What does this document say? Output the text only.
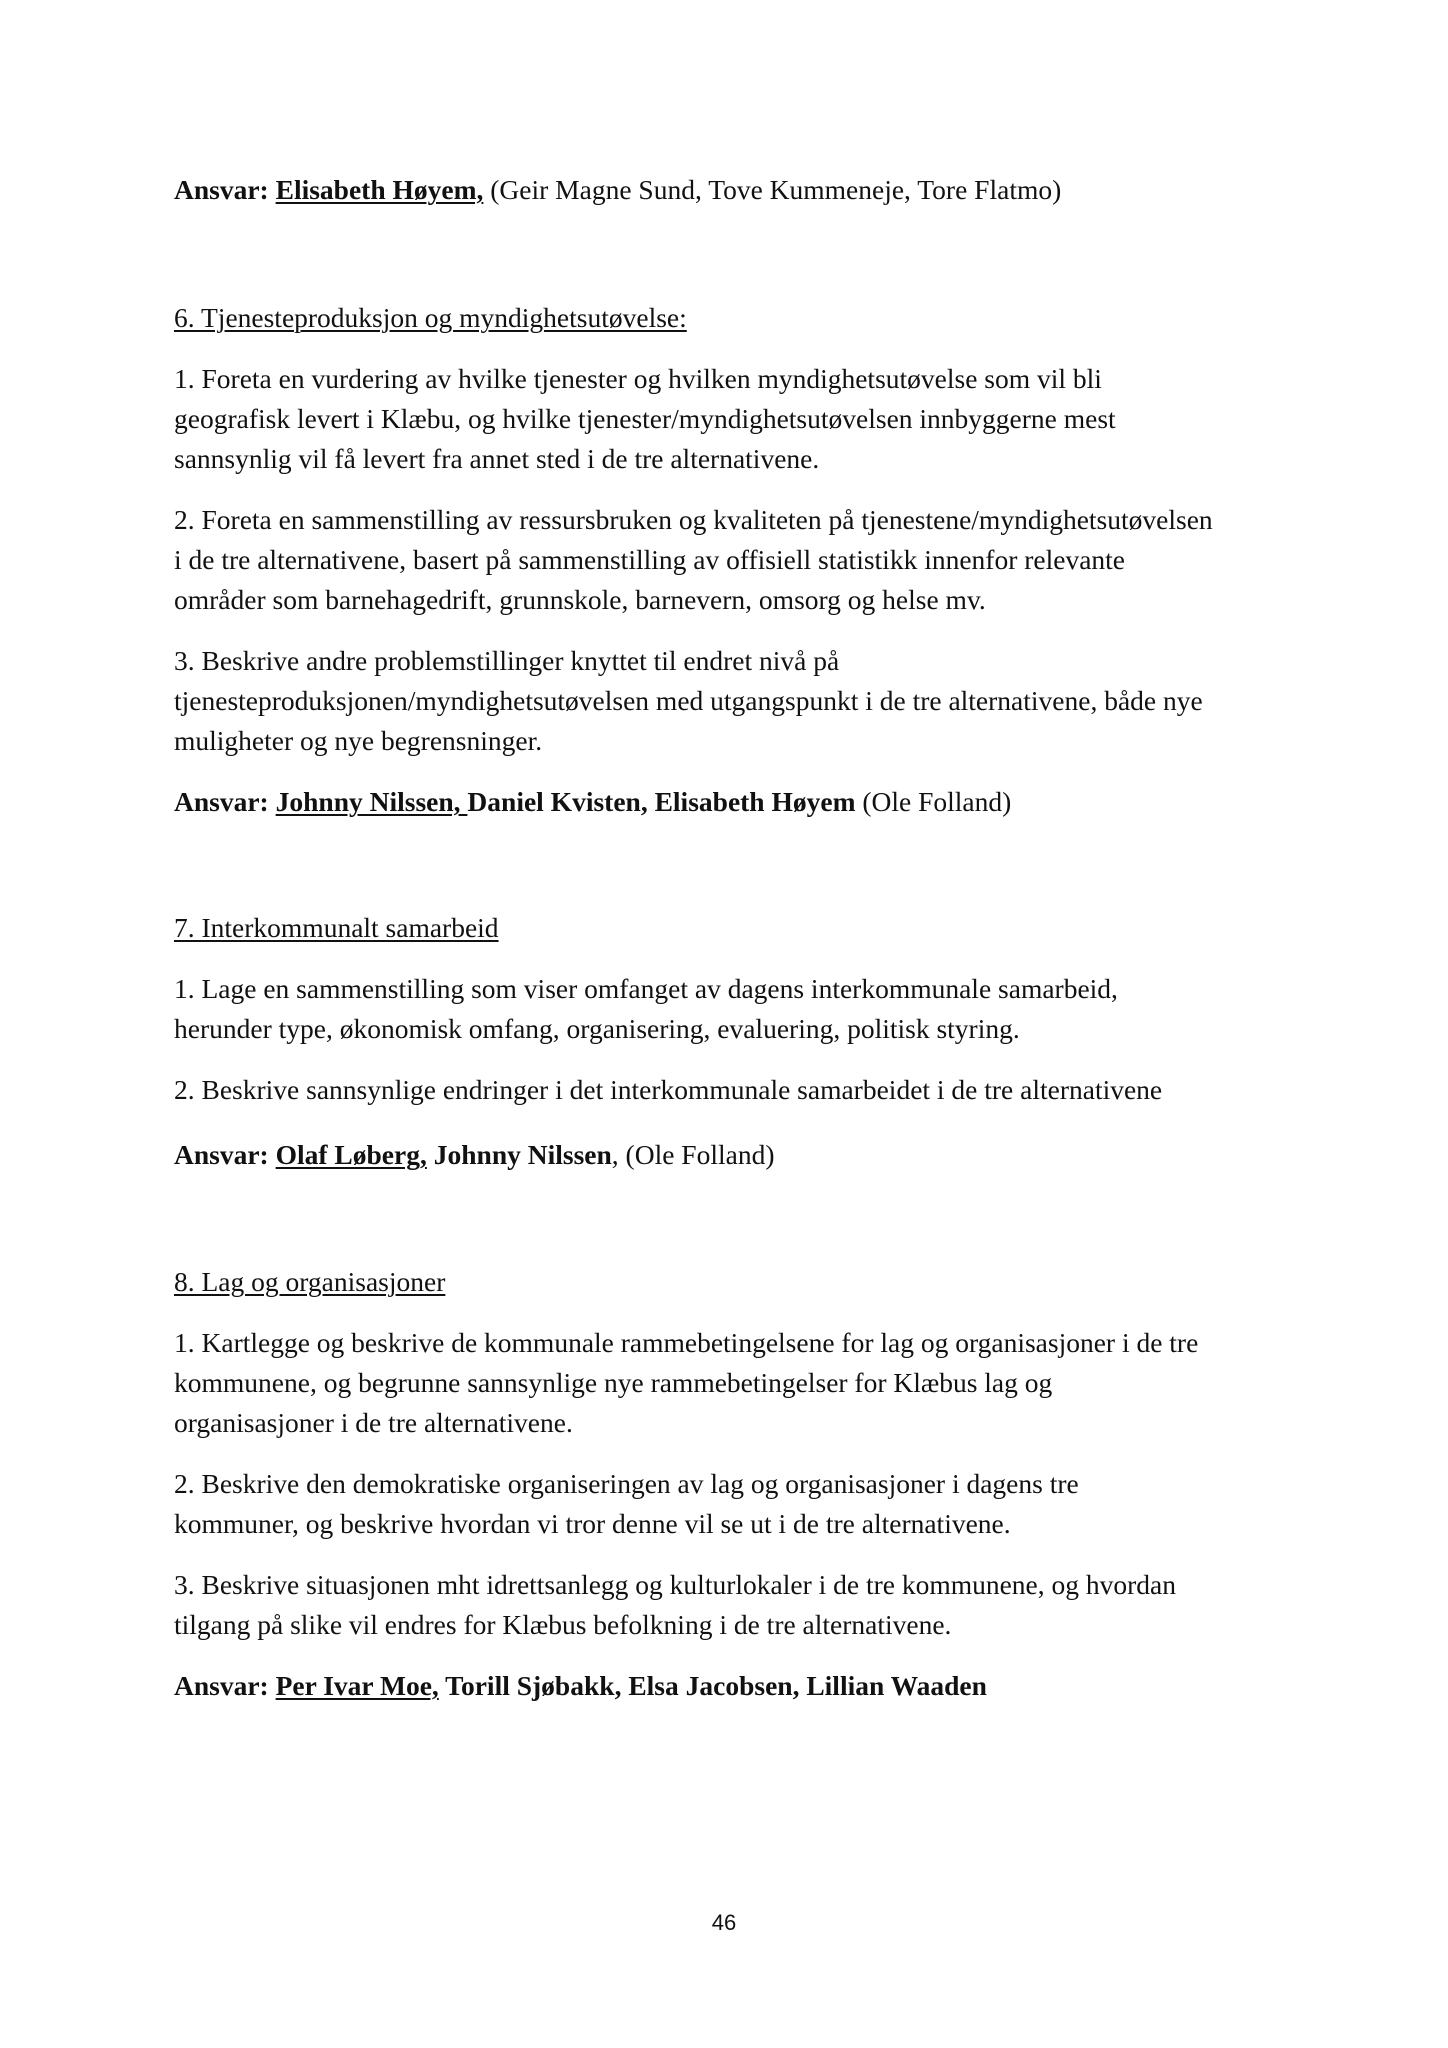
Ansvar: Elisabeth Høyem, (Geir Magne Sund, Tove Kummeneje, Tore Flatmo)
6. Tjenesteproduksjon og myndighetsutøvelse:
1. Foreta en vurdering av hvilke tjenester og hvilken myndighetsutøvelse som vil bli
geografisk levert i Klæbu, og hvilke tjenester/myndighetsutøvelsen innbyggerne mest
sannsynlig vil få levert fra annet sted i de tre alternativene.
2. Foreta en sammenstilling av ressursbruken og kvaliteten på tjenestene/myndighetsutøvelsen
i de tre alternativene, basert på sammenstilling av offisiell statistikk innenfor relevante
områder som barnehagedrift, grunnskole, barnevern, omsorg og helse mv.
3. Beskrive andre problemstillinger knyttet til endret nivå på
tjenesteproduksjonen/myndighetsutøvelsen med utgangspunkt i de tre alternativene, både nye
muligheter og nye begrensninger.
Ansvar: Johnny Nilssen, Daniel Kvisten, Elisabeth Høyem (Ole Folland)
7. Interkommunalt samarbeid
1. Lage en sammenstilling som viser omfanget av dagens interkommunale samarbeid,
herunder type, økonomisk omfang, organisering, evaluering, politisk styring.
2. Beskrive sannsynlige endringer i det interkommunale samarbeidet i de tre alternativene
Ansvar: Olaf Løberg, Johnny Nilssen, (Ole Folland)
8. Lag og organisasjoner
1. Kartlegge og beskrive de kommunale rammebetingelsene for lag og organisasjoner i de tre
kommunene, og begrunne sannsynlige nye rammebetingelser for Klæbus lag og
organisasjoner i de tre alternativene.
2. Beskrive den demokratiske organiseringen av lag og organisasjoner i dagens tre
kommuner, og beskrive hvordan vi tror denne vil se ut i de tre alternativene.
3. Beskrive situasjonen mht idrettsanlegg og kulturlokaler i de tre kommunene, og hvordan
tilgang på slike vil endres for Klæbus befolkning i de tre alternativene.
Ansvar: Per Ivar Moe, Torill Sjøbakk, Elsa Jacobsen, Lillian Waaden
46
